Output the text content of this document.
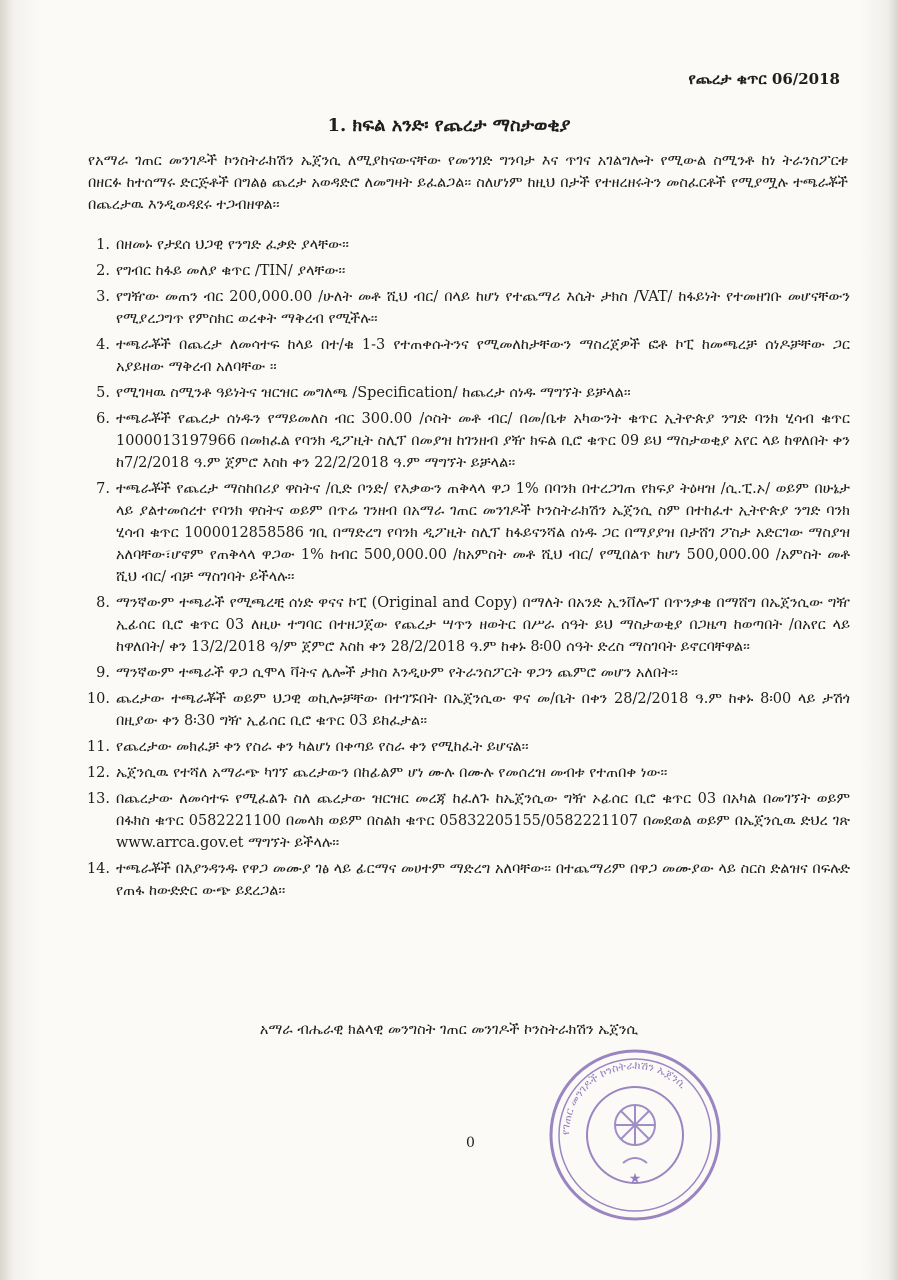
የጨረታ ቁጥር 06/2018
1. ክፍል አንድ፡ የጨረታ ማስታወቂያ

የአማራ ገጠር መንገዶች ኮንስትራክሽን ኤጀንሲ ለሚያከናውናቸው የመንገድ ግንባታ እና ጥገና አገልግሎት የሚውል ስሚንቶ ከነ ትራንስፖርቱ በዘርፉ ከተሰማሩ ድርጅቶች በግልፅ ጨረታ አወዳድሮ ለመግዛት ይፈልጋል፡፡ ስለሆነም ከዚህ በታች የተዘረዘሩትን መስፈርቶች የሚያሟሉ ተጫራቾች በጨረታዉ እንዲወዳደሩ ተጋብዘዋል፡፡

1. በዘመኑ የታደሰ ህጋዊ የንግድ ፈቃድ ያላቸው፡፡
2. የግብር ከፋይ መለያ ቁጥር /TIN/ ያላቸው፡፡
3. የግዥው መጠን ብር 200,000.00 /ሁለት መቶ ሺህ ብር/ በላይ ከሆነ የተጨማሪ እሴት ታክስ /VAT/ ከፋይነት የተመዘገቡ መሆናቸውን የሚያረጋግጥ የምስክር ወረቀት ማቅረብ የሚችሉ፡፡
4. ተጫራቾች በጨረታ ለመሳተፍ ከላይ በተ/ቁ 1-3 የተጠቀሱትንና የሚመለከታቸውን ማስረጀዎች ፎቶ ኮፒ ከመጫረቻ ሰነዶቻቸው ጋር አያይዘው ማቅረብ አለባቸው ፡፡
5. የሚገዛዉ ስሚንቶ ዓይነትና ዝርዝር መግለጫ /Specification/ ከጨረታ ሰነዱ ማግኘት ይቻላል፡፡
6. ተጫራቾች የጨረታ ሰነዱን የማይመለስ ብር 300.00 /ሶስት መቶ ብር/ በመ/ቤቱ አካውንት ቁጥር ኢትዮጵያ ንግድ ባንክ ሂሳብ ቁጥር 1000013197966 በመክፈል የባንክ ዲፖዚት ስሊፕ በመያዝ ከገንዘብ ያዥ ክፍል ቢሮ ቁጥር 09 ይህ ማስታወቂያ አየር ላይ ከዋለበት ቀን ከ7/2/2018 ዓ.ም ጀምሮ እስከ ቀን 22/2/2018 ዓ.ም ማግኘት ይቻላል፡፡
7. ተጫራቾች የጨረታ ማስከበሪያ ዋስትና /ቢድ ቦንድ/ የእቃውን ጠቅላላ ዋጋ 1% በባንክ በተረጋገጠ የክፍያ ትዕዛዝ /ሲ.ፒ.ኦ/ ወይም በሁኔታ ላይ ያልተመሰረተ የባንክ ዋስትና ወይም በጥሬ ገንዘብ በአማራ ገጠር መንገዶች ኮንስትራክሽን ኤጀንሲ ስም በተከፈተ ኢትዮጵያ ንግድ ባንክ ሂሳብ ቁጥር 1000012858586 ገቢ በማድረግ የባንክ ዲፖዚት ስሊፕ ከፋይናንሻል ሰነዱ ጋር በማያያዝ በታሸገ ፖስታ አድርገው ማስያዝ አለባቸው፣ሆኖም የጠቅላላ ዋጋው 1% ከብር 500,000.00 /ከአምስት መቶ ሺህ ብር/ የሚበልጥ ከሆነ 500,000.00 /አምስት መቶ ሺህ ብር/ ብቻ ማስገባት ይችላሉ፡፡
8. ማንኛውም ተጫራች የሚጫረቺ ሰነድ ዋናና ኮፒ (Original and Copy) በማለት በአንድ ኢንቨሎፕ በጥንቃቄ በማሸግ በኤጀንሲው ግዥ ኢፊሰር ቢሮ ቁጥር 03 ለዚሁ ተግባር በተዘጋጀው የጨረታ ሣጥን ዘወትር በሥራ ሰዓት ይህ ማስታወቂያ በጋዜጣ ከወጣበት /በአየር ላይ ከዋለበት/ ቀን 13/2/2018 ዓ/ም ጀምሮ እስከ ቀን 28/2/2018 ዓ.ም ከቀኑ 8፡00 ሰዓት ድረስ ማስገባት ይኖርባቸዋል፡፡
9. ማንኛውም ተጫራች ዋጋ ሲሞላ ቫትና ሌሎች ታክስ እንዲሁም የትራንስፖርት ዋጋን ጨምሮ መሆን አለበት፡፡
10. ጨረታው ተጫራቾች ወይም ህጋዊ ወኪሎቻቸው በተገኙበት በኤጀንሲው ዋና መ/ቤት በቀን 28/2/2018 ዓ.ም ከቀኑ 8፡00 ላይ ታሽጎ በዚያው ቀን 8፡30 ግዥ ኢፊሰር ቢሮ ቁጥር 03 ይከፈታል፡፡
11. የጨረታው መክፈቻ ቀን የስራ ቀን ካልሆነ በቀጣይ የስራ ቀን የሚከፈት ይሆናል፡፡
12. ኤጀንሲዉ የተሻለ አማራጭ ካገኘ ጨረታውን በከፊልም ሆነ ሙሉ በሙሉ የመሰረዝ መብቱ የተጠበቀ ነው፡፡
13. በጨረታው ለመሳተፍ የሚፈልጉ ስለ ጨረታው ዝርዝር መረጃ ከፈለጉ ከኤጀንሲው ግዥ ኦፊሰር ቢሮ ቁጥር 03 በአካል በመገኘት ወይም በፋክስ ቁጥር 0582221100 በመላክ ወይም በስልክ ቁጥር 05832205155/0582221107 በመደወል ወይም በኤጀንሲዉ ድህረ ገጽ www.arrca.gov.et ማግኘት ይችላሉ፡፡
14. ተጫራቾች በእያንዳንዱ የዋጋ መሙያ ገፅ ላይ ፊርማና መሀተም ማድረግ አለባቸው፡፡ በተጨማሪም በዋጋ መሙያው ላይ ስርስ ድልዝና በፍሉድ የጠፋ ከውድድር ውጭ ይደረጋል፡፡
አማራ ብሔራዊ ክልላዊ መንግስት ገጠር መንገዶች ኮንስትራክሽን ኤጀንሲ
0
የገጠር መንገዶች ኮንስትራክሽን ኤጀንሲ
★
